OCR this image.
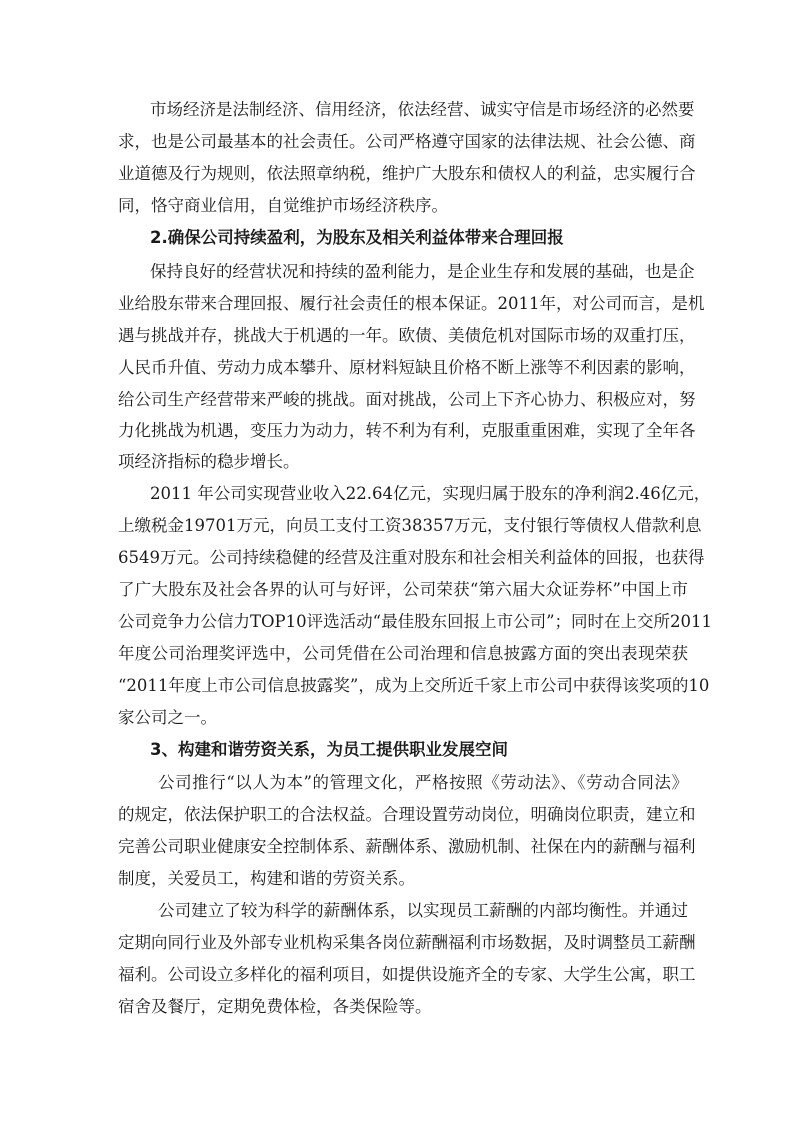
市场经济是法制经济、信用经济，依法经营、诚实守信是市场经济的必然要
求，也是公司最基本的社会责任。公司严格遵守国家的法律法规、社会公德、商
业道德及行为规则，依法照章纳税，维护广大股东和债权人的利益，忠实履行合
同，恪守商业信用，自觉维护市场经济秩序。
2.确保公司持续盈利，为股东及相关利益体带来合理回报
保持良好的经营状况和持续的盈利能力，是企业生存和发展的基础，也是企
业给股东带来合理回报、履行社会责任的根本保证。2011年，对公司而言，是机
遇与挑战并存，挑战大于机遇的一年。欧债、美债危机对国际市场的双重打压，
人民币升值、劳动力成本攀升、原材料短缺且价格不断上涨等不利因素的影响，
给公司生产经营带来严峻的挑战。面对挑战，公司上下齐心协力、积极应对，努
力化挑战为机遇，变压力为动力，转不利为有利，克服重重困难，实现了全年各
项经济指标的稳步增长。
2011 年公司实现营业收入22.64亿元，实现归属于股东的净利润2.46亿元，
上缴税金19701万元，向员工支付工资38357万元，支付银行等债权人借款利息
6549万元。公司持续稳健的经营及注重对股东和社会相关利益体的回报，也获得
了广大股东及社会各界的认可与好评，公司荣获“第六届大众证券杯”中国上市
公司竞争力公信力TOP10评选活动“最佳股东回报上市公司”；同时在上交所2011
年度公司治理奖评选中，公司凭借在公司治理和信息披露方面的突出表现荣获
“2011年度上市公司信息披露奖”，成为上交所近千家上市公司中获得该奖项的10
家公司之一。
3、构建和谐劳资关系，为员工提供职业发展空间
公司推行“以人为本”的管理文化，严格按照《劳动法》、《劳动合同法》
的规定，依法保护职工的合法权益。合理设置劳动岗位，明确岗位职责，建立和
完善公司职业健康安全控制体系、薪酬体系、激励机制、社保在内的薪酬与福利
制度，关爱员工，构建和谐的劳资关系。
公司建立了较为科学的薪酬体系，以实现员工薪酬的内部均衡性。并通过
定期向同行业及外部专业机构采集各岗位薪酬福利市场数据，及时调整员工薪酬
福利。公司设立多样化的福利项目，如提供设施齐全的专家、大学生公寓，职工
宿舍及餐厅，定期免费体检，各类保险等。
